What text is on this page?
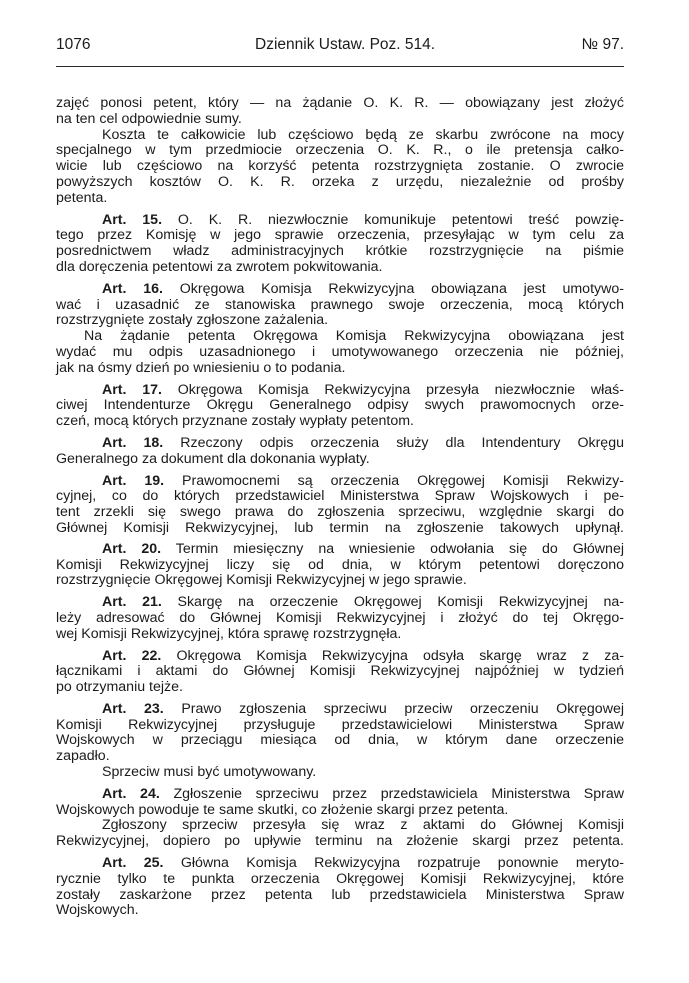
1076	Dziennik Ustaw. Poz. 514.	№ 97.
zajęć ponosi petent, który — na żądanie O. K. R. — obowiązany jest złożyć
na ten cel odpowiednie sumy.
Koszta te całkowicie lub częściowo będą ze skarbu zwrócone na mocy
specjalnego w tym przedmiocie orzeczenia O. K. R., o ile pretensja całko-
wicie lub częściowo na korzyść petenta rozstrzygnięta zostanie. O zwrocie
powyższych kosztów O. K. R. orzeka z urzędu, niezależnie od prośby
petenta.
Art. 15. O. K. R. niezwłocznie komunikuje petentowi treść powzię-
tego przez Komisję w jego sprawie orzeczenia, przesyłając w tym celu za
posrednictwem władz administracyjnych krótkie rozstrzygnięcie na piśmie
dla doręczenia petentowi za zwrotem pokwitowania.
Art. 16. Okręgowa Komisja Rekwizycyjna obowiązana jest umotywo-
wać i uzasadnić ze stanowiska prawnego swoje orzeczenia, mocą których
rozstrzygnięte zostały zgłoszone zażalenia.
Na żądanie petenta Okręgowa Komisja Rekwizycyjna obowiązana jest
wydać mu odpis uzasadnionego i umotywowanego orzeczenia nie później,
jak na ósmy dzień po wniesieniu o to podania.
Art. 17. Okręgowa Komisja Rekwizycyjna przesyła niezwłocznie właś-
ciwej Intendenturze Okręgu Generalnego odpisy swych prawomocnych orze-
czeń, mocą których przyznane zostały wypłaty petentom.
Art. 18. Rzeczony odpis orzeczenia służy dla Intendentury Okręgu
Generalnego za dokument dla dokonania wypłaty.
Art. 19. Prawomocnemi są orzeczenia Okręgowej Komisji Rekwizy-
cyjnej, co do których przedstawiciel Ministerstwa Spraw Wojskowych i pe-
tent zrzekli się swego prawa do zgłoszenia sprzeciwu, względnie skargi do
Głównej Komisji Rekwizycyjnej, lub termin na zgłoszenie takowych upłynął.
Art. 20. Termin miesięczny na wniesienie odwołania się do Głównej
Komisji Rekwizycyjnej liczy się od dnia, w którym petentowi doręczono
rozstrzygnięcie Okręgowej Komisji Rekwizycyjnej w jego sprawie.
Art. 21. Skargę na orzeczenie Okręgowej Komisji Rekwizycyjnej na-
leży adresować do Głównej Komisji Rekwizycyjnej i złożyć do tej Okręgo-
wej Komisji Rekwizycyjnej, która sprawę rozstrzygnęła.
Art. 22. Okręgowa Komisja Rekwizycyjna odsyła skargę wraz z za-
łącznikami i aktami do Głównej Komisji Rekwizycyjnej najpóźniej w tydzień
po otrzymaniu tejże.
Art. 23. Prawo zgłoszenia sprzeciwu przeciw orzeczeniu Okręgowej
Komisji Rekwizycyjnej przysługuje przedstawicielowi Ministerstwa Spraw
Wojskowych w przeciągu miesiąca od dnia, w którym dane orzeczenie
zapadło.
Sprzeciw musi być umotywowany.
Art. 24. Zgłoszenie sprzeciwu przez przedstawiciela Ministerstwa Spraw
Wojskowych powoduje te same skutki, co złożenie skargi przez petenta.
Zgłoszony sprzeciw przesyła się wraz z aktami do Głównej Komisji
Rekwizycyjnej, dopiero po upływie terminu na złożenie skargi przez petenta.
Art. 25. Główna Komisja Rekwizycyjna rozpatruje ponownie meryto-
rycznie tylko te punkta orzeczenia Okręgowej Komisji Rekwizycyjnej, które
zostały zaskarżone przez petenta lub przedstawiciela Ministerstwa Spraw
Wojskowych.
